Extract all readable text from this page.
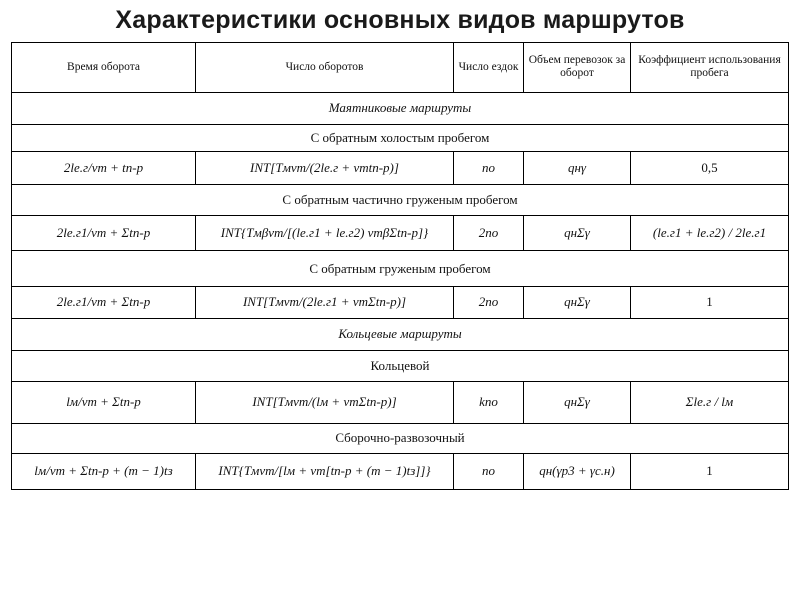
Характеристики основных видов маршрутов
Время оборота	Число оборотов	Число ездок	Объем перевозок за оборот	Коэффициент использования пробега
Маятниковые маршруты				
С обратным холостым пробегом				
2lе.г/vт + tп-р	INT[Tмvт/(2lе.г + vтtп-р)]	nо	qнγ	0,5
С обратным частично груженым пробегом				
2lе.г1/vт + Σtп-р	INT{Tмβvт/[(lе.г1 + lе.г2) vтβΣtп-р]}	2nо	qнΣγ	(lе.г1 + lе.г2) / 2lе.г1
С обратным груженым пробегом				
2lе.г1/vт + Σtп-р	INT[Tмvт/(2lе.г1 + vтΣtп-р)]	2nо	qнΣγ	1
Кольцевые маршруты				
Кольцевой				
lм/vт + Σtп-р	INT[Tмvт/(lм + vтΣtп-р)]	knо	qнΣγ	Σlе.г / lм
Сборочно-развозочный				
lм/vт + Σtп-р + (m − 1)tз	INT{Tмvт/[lм + vт[tп-р + (m − 1)tз]]}	nо	qн(γр3 + γс.н)	1
